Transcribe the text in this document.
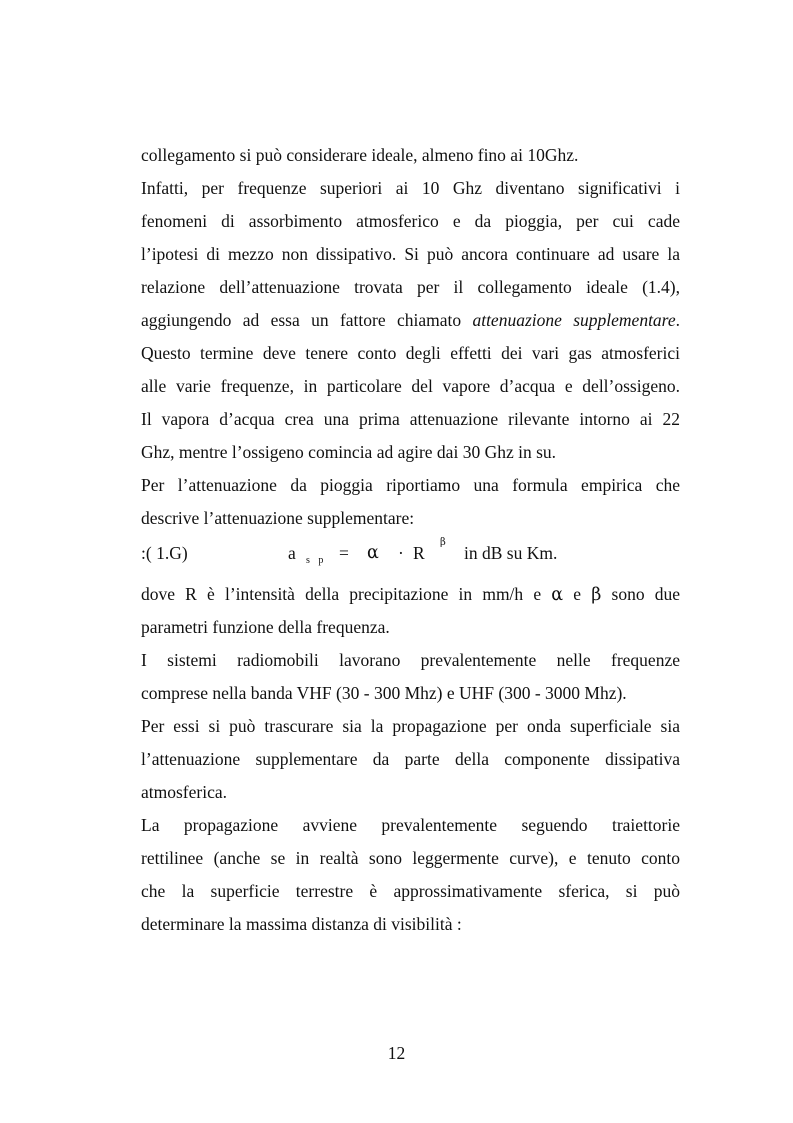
collegamento si può considerare ideale, almeno fino ai 10Ghz.

Infatti, per frequenze superiori ai 10 Ghz diventano significativi i
fenomeni di assorbimento atmosferico e da pioggia, per cui cade
l’ipotesi di mezzo non dissipativo. Si può ancora continuare ad usare la
relazione dell’attenuazione trovata per il collegamento ideale (1.4),
aggiungendo ad essa un fattore chiamato attenuazione supplementare.
Questo termine deve tenere conto degli effetti dei vari gas atmosferici
alle varie frequenze, in particolare del vapore d’acqua e dell’ossigeno.
Il vapora d’acqua crea una prima attenuazione rilevante intorno ai 22
Ghz, mentre l’ossigeno comincia ad agire dai 30 Ghz in su.

Per l’attenuazione da pioggia riportiamo una formula empirica che
descrive l’attenuazione supplementare:

:( 1.G)	a s p = α · R
β
in dB su Km.

dove R è l’intensità della precipitazione in mm/h e α e β sono due
parametri funzione della frequenza.

I sistemi radiomobili lavorano prevalentemente nelle frequenze
comprese nella banda VHF (30 - 300 Mhz) e UHF (300 - 3000 Mhz).

Per essi si può trascurare sia la propagazione per onda superficiale sia
l’attenuazione supplementare da parte della componente dissipativa
atmosferica.

La propagazione avviene prevalentemente seguendo traiettorie
rettilinee (anche se in realtà sono leggermente curve), e tenuto conto
che la superficie terrestre è approssimativamente sferica, si può
determinare la massima distanza di visibilità :

12
